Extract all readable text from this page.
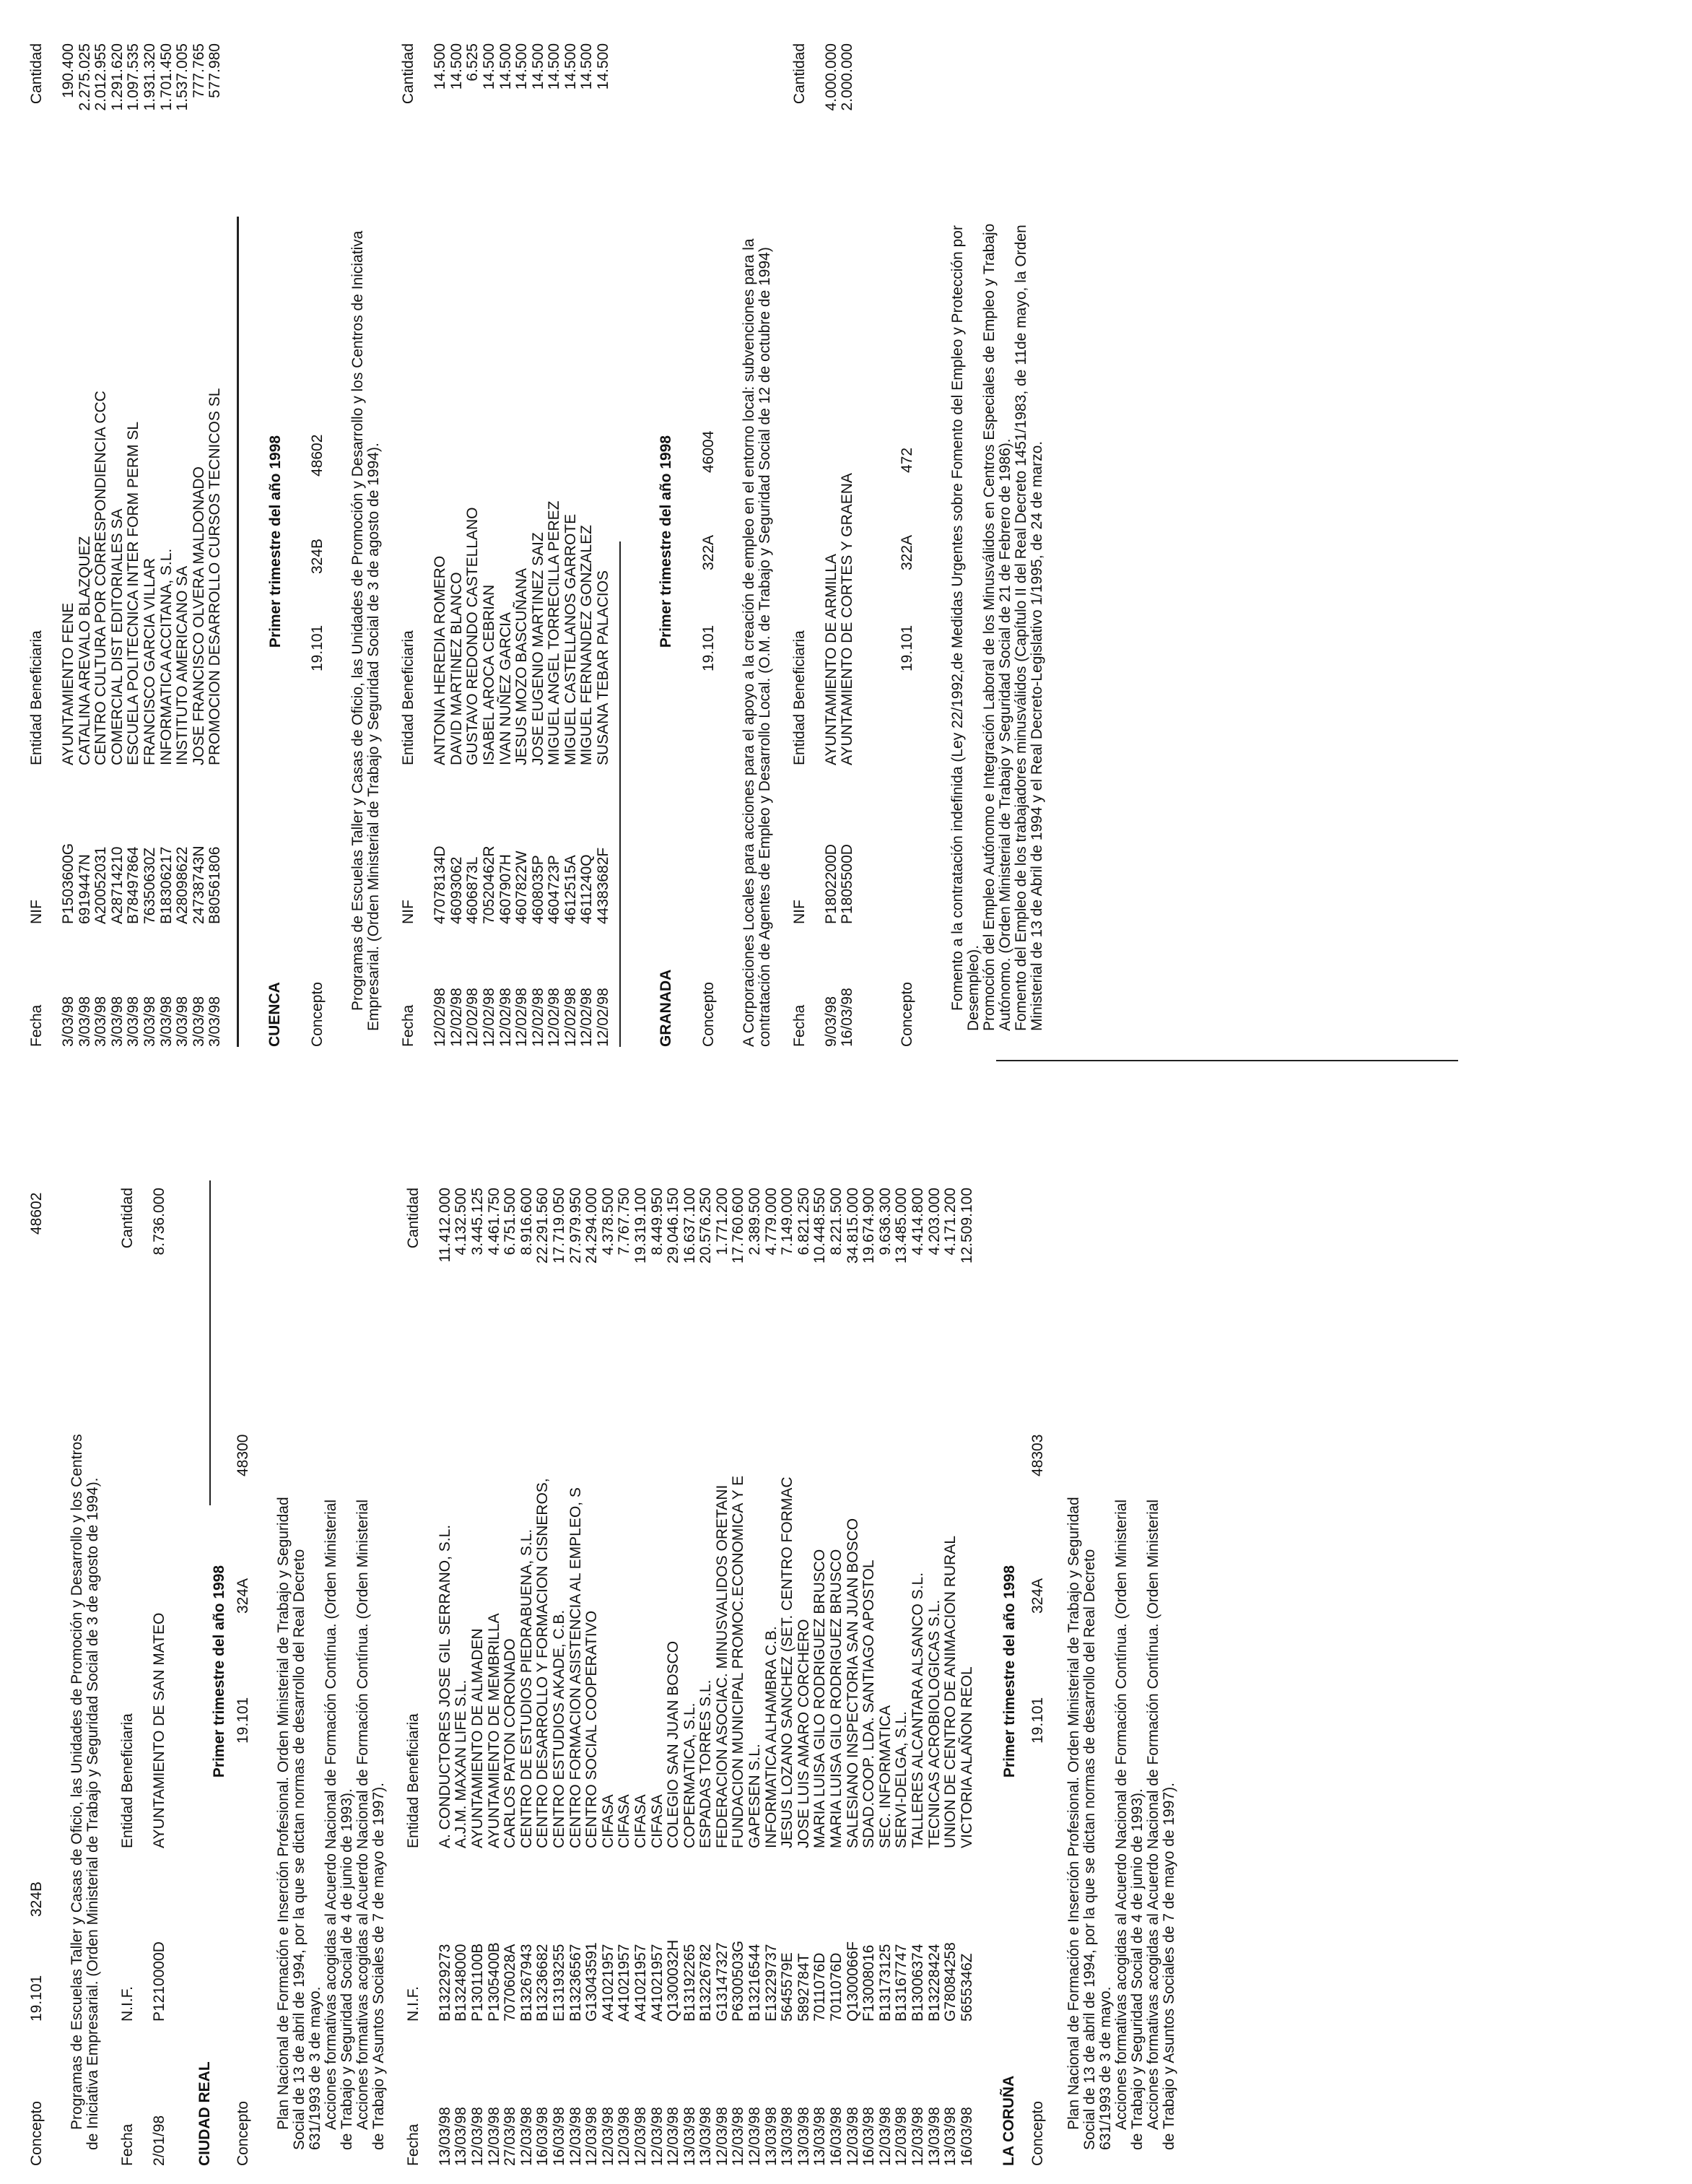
Concepto
19.101
324B
48602

Programas de Escuelas Taller y Casas de Oficio, las Unidades de Promoción y Desarrollo y los Centros de Iniciativa Empresarial. (Orden Ministerial de Trabajo y Seguridad Social de 3 de agosto de 1994). Fecha
N.I.F.
Entidad Beneficiaria
Cantidad
2/01/98
P1210000D
AYUNTAMIENTO DE SAN MATEO
8.736.000
CIUDAD REAL
Primer trimestre del año 1998
Concepto
19.101
324A
48300

Plan Nacional de Formación e Inserción Profesional. Orden Ministerial de Trabajo y Seguridad Social de 13 de abril de 1994, por la que se dictan normas de desarrollo del Real Decreto 631/1993 de 3 de mayo. Acciones formativas acogidas al Acuerdo Nacional de Formación Contínua. (Orden Ministerial de Trabajo y Seguridad Social de 4 de junio de 1993). Acciones formativas acogidas al Acuerdo Nacional de Formación Contínua. (Orden Ministerial de Trabajo y Asuntos Sociales de 7 de mayo de 1997). Fecha
N.I.F.
Entidad Beneficiaria
Cantidad
13/03/98
B13229273
A. CONDUCTORES JOSE GIL SERRANO, S.L.
11.412.000
13/03/98
B13248000
A.J.M. MAXAN LIFE S.L.
4.132.500
12/03/98
P1301100B
AYUNTAMIENTO DE ALMADEN
3.445.125
12/03/98
P1305400B
AYUNTAMIENTO DE MEMBRILLA
4.461.750
27/03/98
70706028A
CARLOS PATON CORONADO
6.751.500
12/03/98
B13267943
CENTRO DE ESTUDIOS PIEDRABUENA, S.L.
8.916.600
16/03/98
B13236682
CENTRO DESARROLLO Y FORMACION CISNEROS,
22.291.560
16/03/98
E13193255
CENTRO ESTUDIOS AKADE, C.B.
17.719.050
12/03/98
B13236567
CENTRO FORMACION ASISTENCIA AL EMPLEO, S
27.979.950
12/03/98
G13043591
CENTRO SOCIAL COOPERATIVO
24.294.000
12/03/98
A41021957
CIFASA
4.378.500
12/03/98
A41021957
CIFASA
7.767.750
12/03/98
A41021957
CIFASA
19.319.100
12/03/98
A41021957
CIFASA
8.449.950
12/03/98
Q1300032H
COLEGIO SAN JUAN BOSCO
29.046.150
13/03/98
B13192265
COPERMATICA, S.L.
16.637.100
13/03/98
B13226782
ESPADAS TORRES S.L.
20.576.250
12/03/98
G13147327
FEDERACION ASOCIAC. MINUSVALIDOS ORETANI
1.771.200
12/03/98
P6300503G
FUNDACION MUNICIPAL PROMOC.ECONOMICA Y E
17.760.600
12/03/98
B13216544
GAPESEN S.L.
2.389.500
13/03/98
E13229737
INFORMATICA ALHAMBRA C.B.
4.779.000
13/03/98
5645579E
JESUS LOZANO SANCHEZ (SET. CENTRO FORMAC
7.149.000
13/03/98
5892784T
JOSE LUIS AMARO CORCHERO
6.821.250
13/03/98
7011076D
MARIA LUISA GILO RODRIGUEZ BRUSCO
10.448.550
16/03/98
7011076D
MARIA LUISA GILO RODRIGUEZ BRUSCO
8.221.500
12/03/98
Q1300066F
SALESIANO INSPECTORIA SAN JUAN BOSCO
34.815.000
16/03/98
F13008016
SDAD.COOP. LDA. SANTIAGO APOSTOL
19.674.900
12/03/98
B13173125
SEC. INFORMATICA
9.636.300
12/03/98
B13167747
SERVI-DELGA, S.L.
13.485.000
12/03/98
B13006374
TALLERES ALCANTARA ALSANCO S.L.
4.414.800
13/03/98
B13228424
TECNICAS ACROBIOLOGICAS S.L.
4.203.000
13/03/98
G78084258
UNION DE CENTRO DE ANIMACION RURAL
4.171.200
16/03/98
5655346Z
VICTORIA ALAÑON REOL
12.509.100
LA CORUÑA
Primer trimestre del año 1998
Concepto
19.101
324A
48303

Plan Nacional de Formación e Inserción Profesional. Orden Ministerial de Trabajo y Seguridad Social de 13 de abril de 1994, por la que se dictan normas de desarrollo del Real Decreto 631/1993 de 3 de mayo. Acciones formativas acogidas al Acuerdo Nacional de Formación Contínua. (Orden Ministerial de Trabajo y Seguridad Social de 4 de junio de 1993). Acciones formativas acogidas al Acuerdo Nacional de Formación Contínua. (Orden Ministerial de Trabajo y Asuntos Sociales de 7 de mayo de 1997).

Fecha
NIF
Entidad Beneficiaria
Cantidad
3/03/98
P1503600G
AYUNTAMIENTO FENE
190.400
3/03/98
6919447N
CATALINA AREVALO BLAZQUEZ
2.275.025
3/03/98
A20052031
CENTRO CULTURA POR CORRESPONDIENCIA CCC
2.012.955
3/03/98
A28714210
COMERCIAL DIST EDITORIALES SA
1.291.620
3/03/98
B78497864
ESCUELA POLITECNICA INTER FORM PERM SL
1.097.535
3/03/98
76350630Z
FRANCISCO GARCIA VILLAR
1.931.320
3/03/98
B18306217
INFORMATICA ACCITANA, S.L.
1.701.450
3/03/98
A28098622
INSTITUTO AMERICANO SA
1.537.005
3/03/98
24738743N
JOSE FRANCISCO OLVERA MALDONADO
777.765
3/03/98
B80561806
PROMOCION DESARROLLO CURSOS TECNICOS SL
577.980
CUENCA
Primer trimestre del año 1998
Concepto
19.101
324B
48602 Programas de Escuelas Taller y Casas de Oficio, las Unidades de Promoción y Desarrollo y los Centros de Iniciativa Empresarial. (Orden Ministerial de Trabajo y Seguridad Social de 3 de agosto de 1994). Fecha
NIF
Entidad Beneficiaria
Cantidad
12/02/98
47078134D
ANTONIA HEREDIA ROMERO
14.500
12/02/98
46093062
DAVID MARTINEZ BLANCO
14.500
12/02/98
4606873L
GUSTAVO REDONDO CASTELLANO
6.525
12/02/98
70520462R
ISABEL AROCA CEBRIAN
14.500
12/02/98
4607907H
IVAN NUÑEZ GARCIA
14.500
12/02/98
4607822W
JESUS MOZO BASCUÑANA
14.500
12/02/98
4608035P
JOSE EUGENIO MARTINEZ SAIZ
14.500
12/02/98
4604723P
MIGUEL ANGEL TORRECILLA PEREZ
14.500
12/02/98
4612515A
MIGUEL CASTELLANOS GARROTE
14.500
12/02/98
4611240Q
MIGUEL FERNANDEZ GONZALEZ
14.500
12/02/98
44383682F
SUSANA TEBAR PALACIOS
14.500
GRANADA
Primer trimestre del año 1998
Concepto
19.101
322A
46004 A Corporaciones Locales para acciones para el apoyo a la creación de empleo en el entorno local: subvenciones para la contratación de Agentes de Empleo y Desarrollo Local. (O.M. de Trabajo y Seguridad Social de 12 de octubre de 1994) Fecha
NIF
Entidad Beneficiaria
Cantidad
9/03/98
P1802200D
AYUNTAMIENTO DE ARMILLA
4.000.000
16/03/98
P1805500D
AYUNTAMIENTO DE CORTES Y GRAENA
2.000.000
Concepto
19.101
322A
472 Fomento a la contratación indefinida (Ley 22/1992,de Medidas Urgentes sobre Fomento del Empleo y Protección por Desempleo). Promoción del Empleo Autónomo e Integración Laboral de los Minusválidos en Centros Especiales de Empleo y Trabajo Autónomo. (Orden Ministerial de Trabajo y Seguridad Social de 21 de Febrero de 1986). Fomento del Empleo de los trabajadores minusválidos (Capítulo II del Real Decreto 1451/1983, de 11de mayo, la Orden Ministerial de 13 de Abril de 1994 y el Real Decreto-Legislativo 1/1995, de 24 de marzo.
